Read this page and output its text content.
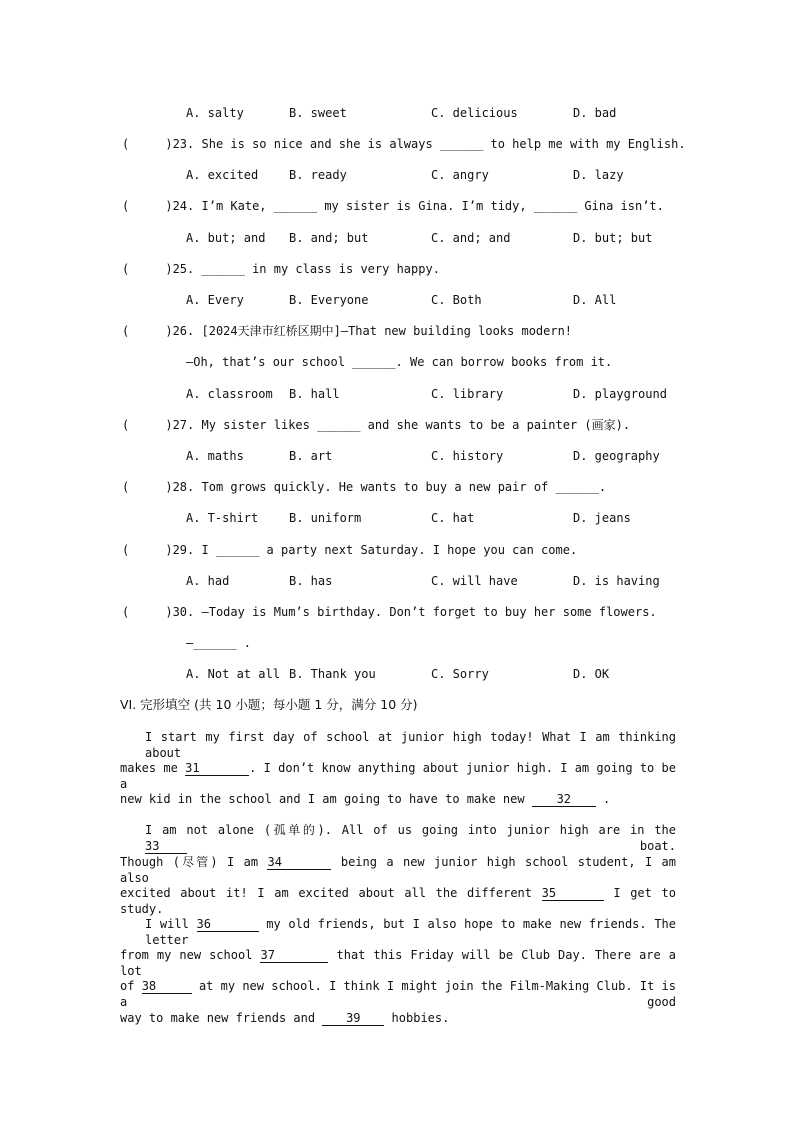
A. salty	B. sweet	C. delicious	D. bad
(     )23. She is so nice and she is always ______ to help me with my English.
A. excited	B. ready	C. angry	D. lazy
(     )24. I’m Kate, ______ my sister is Gina. I’m tidy, ______ Gina isn’t.
A. but; and B. and; but	C. and; and	D. but; but
(     )25. ______ in my class is very happy.
A. Every	B. Everyone	C. Both	D. All
(     )26. [2024天津市红桥区期中]—That new building looks modern!
—Oh, that’s our school ______. We can borrow books from it.
A. classroom B. hall	C. library	D. playground
(     )27. My sister likes ______ and she wants to be a painter (画家).
A. maths	B. art	C. history	D. geography
(     )28. Tom grows quickly. He wants to buy a new pair of ______.
A. T-shirt	B. uniform	C. hat	D. jeans
(     )29. I ______ a party next Saturday. I hope you can come.
A. had	B. has	C. will have	D. is having
(     )30. —Today is Mum’s birthday. Don’t forget to buy her some flowers.
—______ .
A. Not at all B. Thank you	C. Sorry	D. OK
VI. 完形填空 (共 10 小题；每小题 1 分，满分 10 分)
I start my first day of school at junior high today! What I am thinking about
makes me 31	. I don’t know anything about junior high. I am going to be a
new kid in the school and I am going to have to make new	32	.
I am not alone (孤单的). All of us going into junior high are in the 33	boat.
Though (尽管) I am 34	being a new junior high school student, I am also
excited about it! I am excited about all the different 35	I get to study.
I will 36	my old friends, but I also hope to make new friends. The letter
from my new school 37	that this Friday will be Club Day. There are a lot
of 38	at my new school. I think I might join the Film-Making Club. It is a good
way to make new friends and	39	hobbies.
